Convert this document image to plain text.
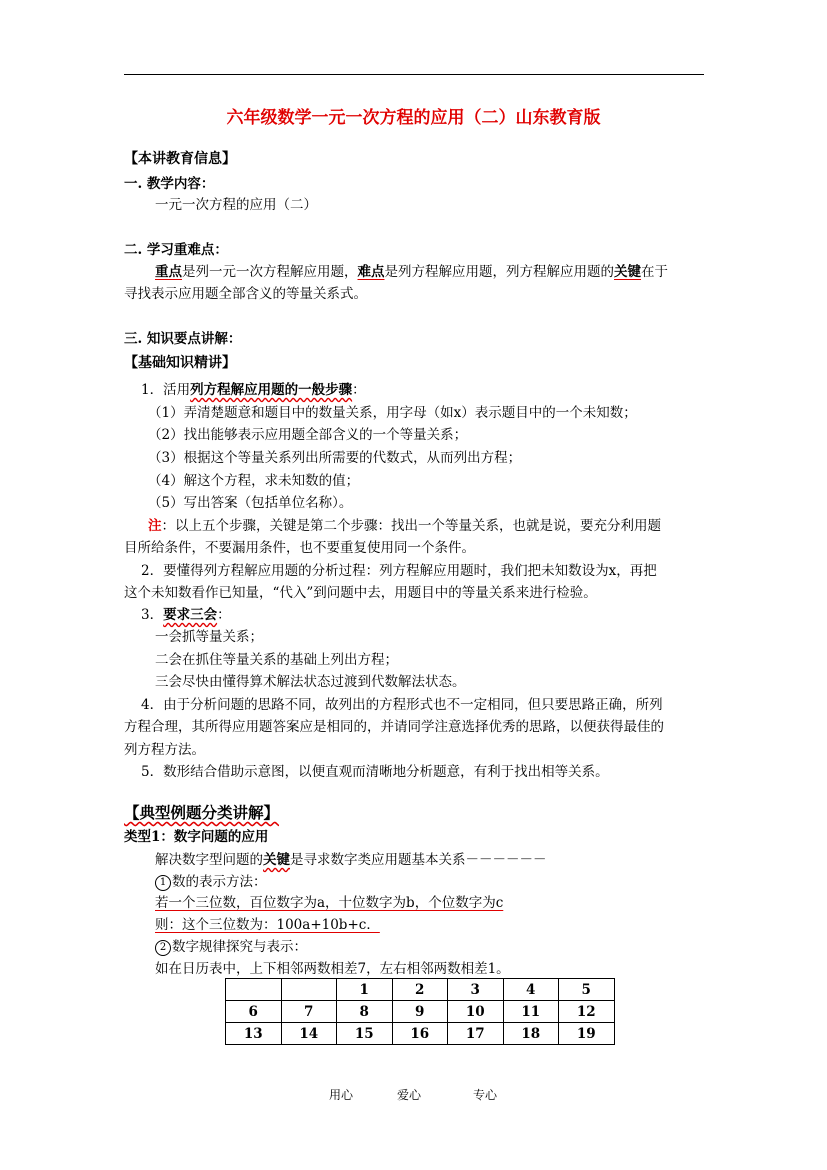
六年级数学一元一次方程的应用（二）山东教育版
【本讲教育信息】
一. 教学内容：
一元一次方程的应用（二）
二. 学习重难点：
重点是列一元一次方程解应用题，难点是列方程解应用题，列方程解应用题的关键在于
寻找表示应用题全部含义的等量关系式。
三. 知识要点讲解：
【基础知识精讲】
1．活用列方程解应用题的一般步骤：
（1）弄清楚题意和题目中的数量关系，用字母（如x）表示题目中的一个未知数；
（2）找出能够表示应用题全部含义的一个等量关系；
（3）根据这个等量关系列出所需要的代数式，从而列出方程；
（4）解这个方程，求未知数的值；
（5）写出答案（包括单位名称）。
注：以上五个步骤，关键是第二个步骤：找出一个等量关系，也就是说，要充分利用题
目所给条件，不要漏用条件，也不要重复使用同一个条件。
2．要懂得列方程解应用题的分析过程：列方程解应用题时，我们把未知数设为x，再把
这个未知数看作已知量，“代入”到问题中去，用题目中的等量关系来进行检验。
3．要求三会：
一会抓等量关系；
二会在抓住等量关系的基础上列出方程；
三会尽快由懂得算术解法状态过渡到代数解法状态。
4．由于分析问题的思路不同，故列出的方程形式也不一定相同，但只要思路正确，所列
方程合理，其所得应用题答案应是相同的，并请同学注意选择优秀的思路，以便获得最佳的
列方程方法。
5．数形结合借助示意图，以便直观而清晰地分析题意，有利于找出相等关系。
【典型例题分类讲解】
类型1：数字问题的应用
解决数字型问题的关键是寻求数字类应用题基本关系－－－－－－
1 数的表示方法：
若一个三位数，百位数字为a，十位数字为b，个位数字为c
则：这个三位数为：100a+10b+c．
2 数字规律探究与表示：
如在日历表中，上下相邻两数相差7，左右相邻两数相差1。
		1	2	3	4	5
6	7	8	9	10	11	12
13	14	15	16	17	18	19
用心	爱心	专心
